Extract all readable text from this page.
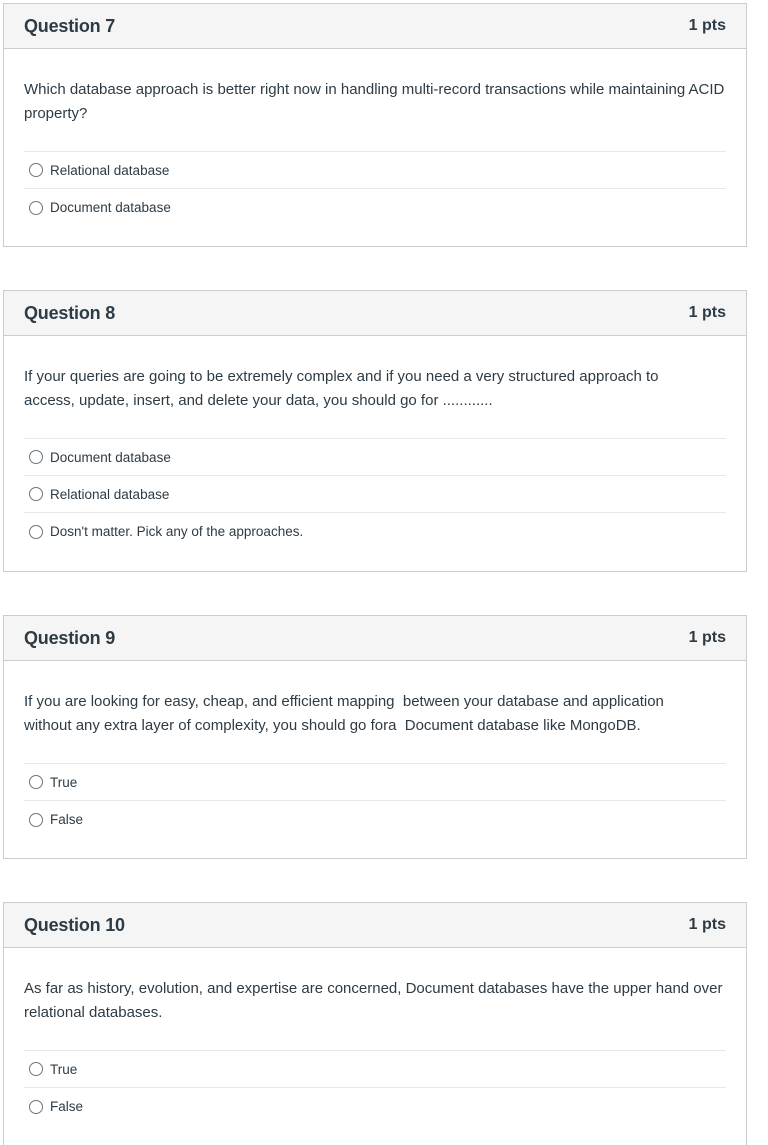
Question 7	1 pts

Which database approach is better right now in handling multi-record transactions while maintaining ACID property?

Relational database
Document database
Question 8	1 pts

If your queries are going to be extremely complex and if you need a very structured approach to access, update, insert, and delete your data, you should go for ............

Document database
Relational database
Dosn't matter. Pick any of the approaches.
Question 9	1 pts

If you are looking for easy, cheap, and efficient mapping  between your database and application without any extra layer of complexity, you should go fora  Document database like MongoDB.

True
False
Question 10	1 pts

As far as history, evolution, and expertise are concerned, Document databases have the upper hand over relational databases.

True
False
